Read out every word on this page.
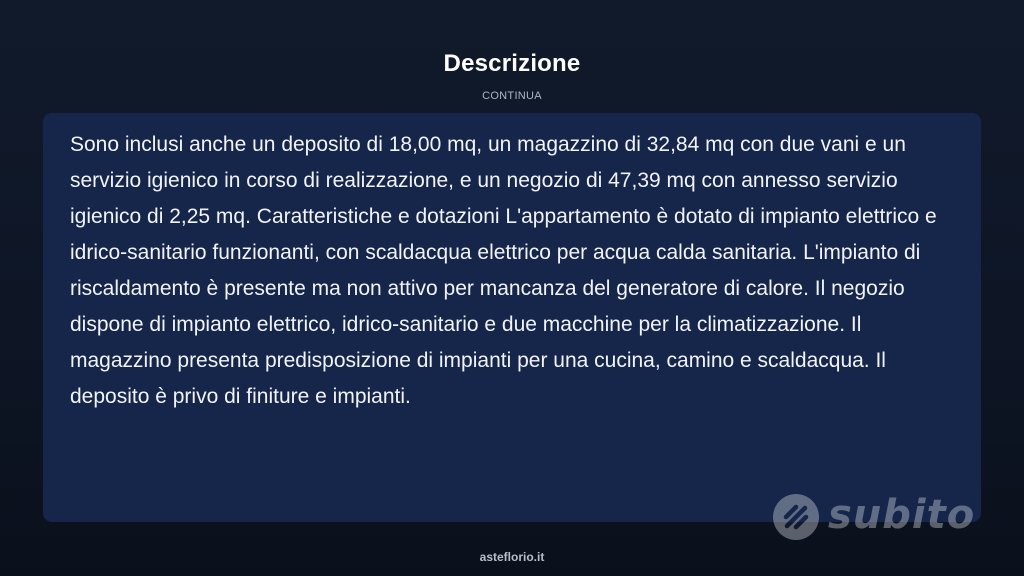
Descrizione
CONTINUA

Sono inclusi anche un deposito di 18,00 mq, un magazzino di 32,84 mq con due vani e un servizio igienico in corso di realizzazione, e un negozio di 47,39 mq con annesso servizio igienico di 2,25 mq. Caratteristiche e dotazioni L'appartamento è dotato di impianto elettrico e idrico-sanitario funzionanti, con scaldacqua elettrico per acqua calda sanitaria. L'impianto di riscaldamento è presente ma non attivo per mancanza del generatore di calore. Il negozio dispone di impianto elettrico, idrico-sanitario e due macchine per la climatizzazione. Il magazzino presenta predisposizione di impianti per una cucina, camino e scaldacqua. Il deposito è privo di finiture e impianti.

subito
asteflorio.it
